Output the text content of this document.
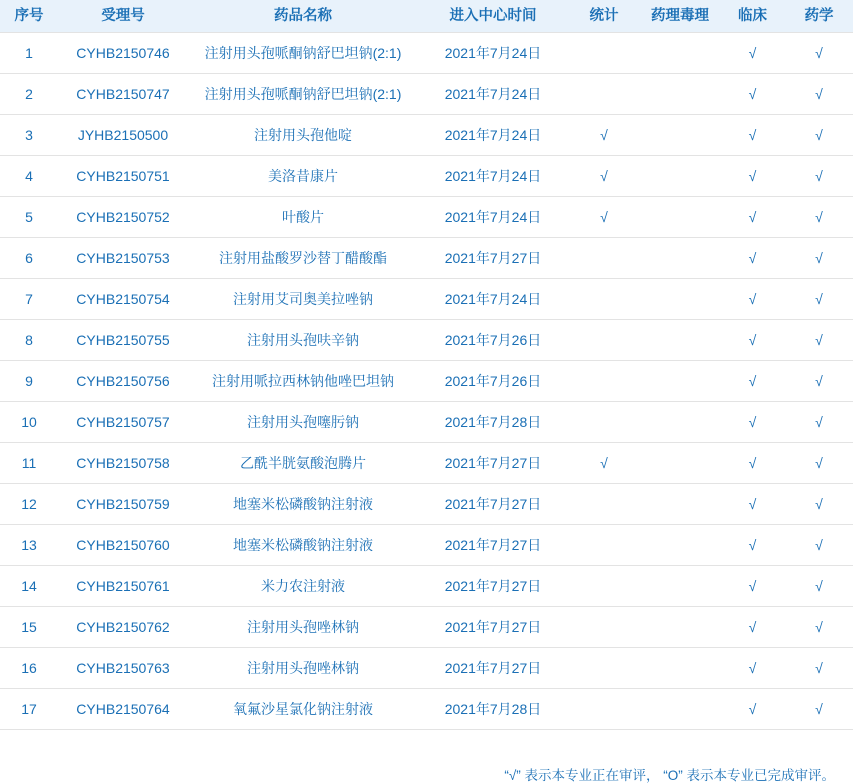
序号	受理号	药品名称	进入中心时间	统计	药理毒理	临床	药学
1	CYHB2150746	注射用头孢哌酮钠舒巴坦钠(2:1)	2021年7月24日			√	√
2	CYHB2150747	注射用头孢哌酮钠舒巴坦钠(2:1)	2021年7月24日			√	√
3	JYHB2150500	注射用头孢他啶	2021年7月24日	√		√	√
4	CYHB2150751	美洛昔康片	2021年7月24日	√		√	√
5	CYHB2150752	叶酸片	2021年7月24日	√		√	√
6	CYHB2150753	注射用盐酸罗沙替丁醋酸酯	2021年7月27日			√	√
7	CYHB2150754	注射用艾司奥美拉唑钠	2021年7月24日			√	√
8	CYHB2150755	注射用头孢呋辛钠	2021年7月26日			√	√
9	CYHB2150756	注射用哌拉西林钠他唑巴坦钠	2021年7月26日			√	√
10	CYHB2150757	注射用头孢噻肟钠	2021年7月28日			√	√
11	CYHB2150758	乙酰半胱氨酸泡腾片	2021年7月27日	√		√	√
12	CYHB2150759	地塞米松磷酸钠注射液	2021年7月27日			√	√
13	CYHB2150760	地塞米松磷酸钠注射液	2021年7月27日			√	√
14	CYHB2150761	米力农注射液	2021年7月27日			√	√
15	CYHB2150762	注射用头孢唑林钠	2021年7月27日			√	√
16	CYHB2150763	注射用头孢唑林钠	2021年7月27日			√	√
17	CYHB2150764	氧氟沙星氯化钠注射液	2021年7月28日			√	√
“√” 表示本专业正在审评， “O” 表示本专业已完成审评。
